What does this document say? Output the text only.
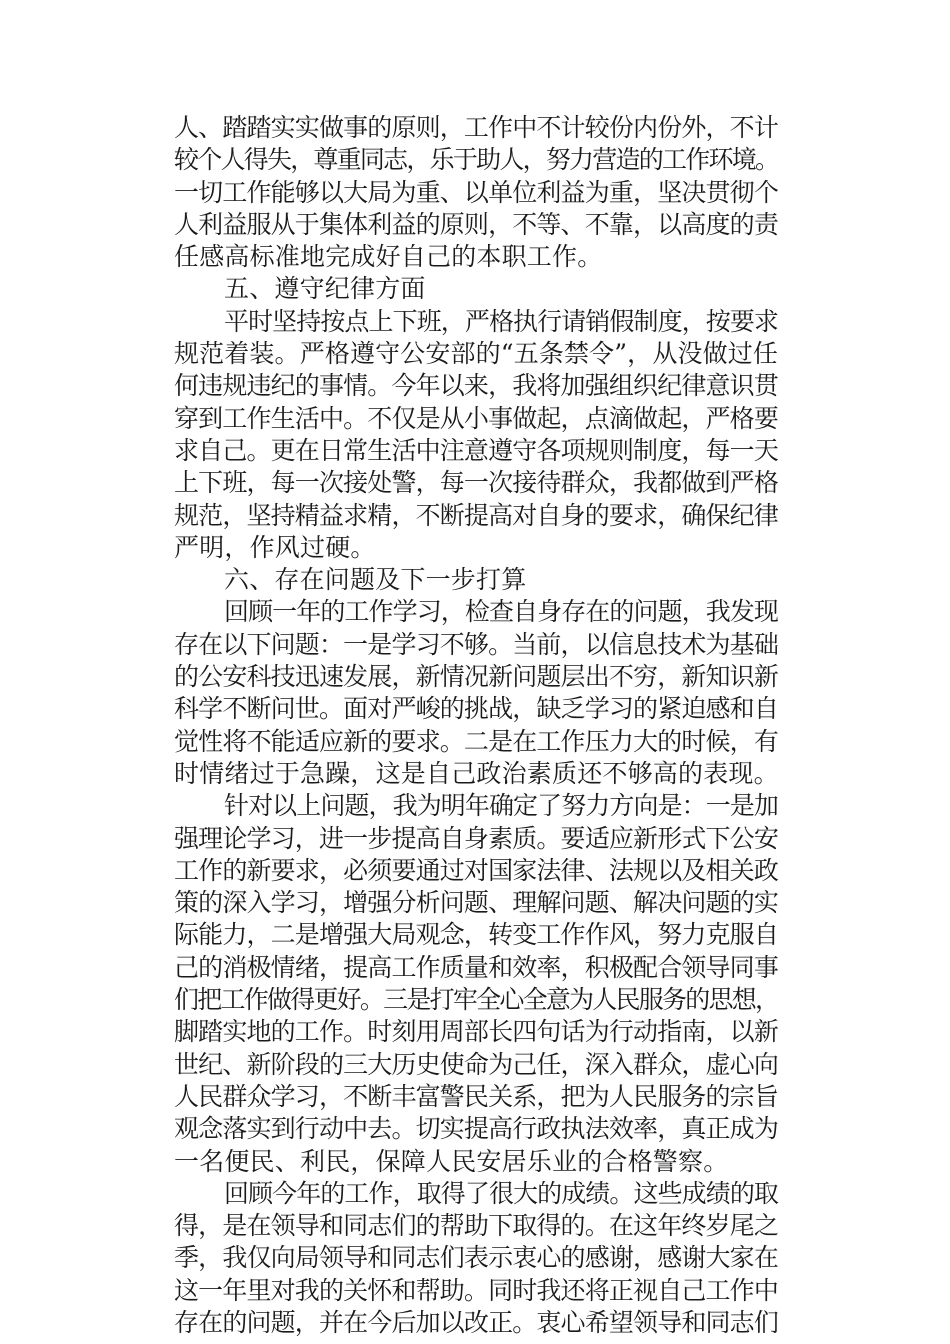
人、踏踏实实做事的原则，工作中不计较份内份外，不计
较个人得失，尊重同志，乐于助人，努力营造的工作环境。
一切工作能够以大局为重、以单位利益为重，坚决贯彻个
人利益服从于集体利益的原则，不等、不靠，以高度的责
任感高标准地完成好自己的本职工作。
五、遵守纪律方面
平时坚持按点上下班，严格执行请销假制度，按要求
规范着装。严格遵守公安部的“五条禁令”，从没做过任
何违规违纪的事情。今年以来，我将加强组织纪律意识贯
穿到工作生活中。不仅是从小事做起，点滴做起，严格要
求自己。更在日常生活中注意遵守各项规则制度，每一天
上下班，每一次接处警，每一次接待群众，我都做到严格
规范，坚持精益求精，不断提高对自身的要求，确保纪律
严明，作风过硬。
六、存在问题及下一步打算
回顾一年的工作学习，检查自身存在的问题，我发现
存在以下问题：一是学习不够。当前，以信息技术为基础
的公安科技迅速发展，新情况新问题层出不穷，新知识新
科学不断问世。面对严峻的挑战，缺乏学习的紧迫感和自
觉性将不能适应新的要求。二是在工作压力大的时候，有
时情绪过于急躁，这是自己政治素质还不够高的表现。
针对以上问题，我为明年确定了努力方向是：一是加
强理论学习，进一步提高自身素质。要适应新形式下公安
工作的新要求，必须要通过对国家法律、法规以及相关政
策的深入学习，增强分析问题、理解问题、解决问题的实
际能力，二是增强大局观念，转变工作作风，努力克服自
己的消极情绪，提高工作质量和效率，积极配合领导同事
们把工作做得更好。三是打牢全心全意为人民服务的思想，
脚踏实地的工作。时刻用周部长四句话为行动指南，以新
世纪、新阶段的三大历史使命为己任，深入群众，虚心向
人民群众学习，不断丰富警民关系，把为人民服务的宗旨
观念落实到行动中去。切实提高行政执法效率，真正成为
一名便民、利民，保障人民安居乐业的合格警察。
回顾今年的工作，取得了很大的成绩。这些成绩的取
得，是在领导和同志们的帮助下取得的。在这年终岁尾之
季，我仅向局领导和同志们表示衷心的感谢，感谢大家在
这一年里对我的关怀和帮助。同时我还将正视自己工作中
存在的问题，并在今后加以改正。衷心希望领导和同志们
